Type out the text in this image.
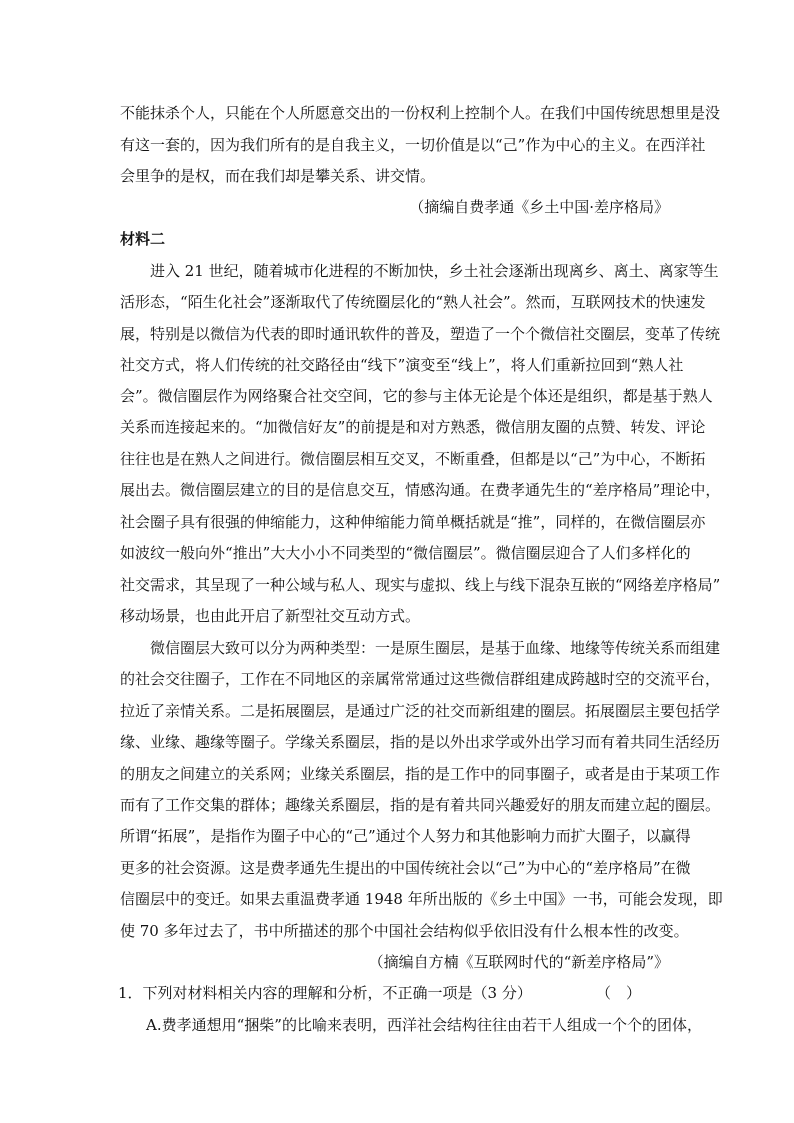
不能抹杀个人，只能在个人所愿意交出的一份权利上控制个人。在我们中国传统思想里是没
有这一套的，因为我们所有的是自我主义，一切价值是以“己”作为中心的主义。在西洋社
会里争的是权，而在我们却是攀关系、讲交情。
（摘编自费孝通《乡土中国·差序格局》
材料二
进入 21 世纪，随着城市化进程的不断加快，乡土社会逐渐出现离乡、离土、离家等生
活形态，“陌生化社会”逐渐取代了传统圈层化的“熟人社会”。然而，互联网技术的快速发
展，特别是以微信为代表的即时通讯软件的普及，塑造了一个个微信社交圈层，变革了传统
社交方式，将人们传统的社交路径由“线下”演变至“线上”，将人们重新拉回到“熟人社
会”。微信圈层作为网络聚合社交空间，它的参与主体无论是个体还是组织，都是基于熟人
关系而连接起来的。“加微信好友”的前提是和对方熟悉，微信朋友圈的点赞、转发、评论
往往也是在熟人之间进行。微信圈层相互交叉，不断重叠，但都是以“己”为中心，不断拓
展出去。微信圈层建立的目的是信息交互，情感沟通。在费孝通先生的“差序格局”理论中，
社会圈子具有很强的伸缩能力，这种伸缩能力简单概括就是“推”，同样的，在微信圈层亦
如波纹一般向外“推出”大大小小不同类型的“微信圈层”。微信圈层迎合了人们多样化的
社交需求，其呈现了一种公域与私人、现实与虚拟、线上与线下混杂互嵌的“网络差序格局”
移动场景，也由此开启了新型社交互动方式。
微信圈层大致可以分为两种类型：一是原生圈层，是基于血缘、地缘等传统关系而组建
的社会交往圈子，工作在不同地区的亲属常常通过这些微信群组建成跨越时空的交流平台，
拉近了亲情关系。二是拓展圈层，是通过广泛的社交而新组建的圈层。拓展圈层主要包括学
缘、业缘、趣缘等圈子。学缘关系圈层，指的是以外出求学或外出学习而有着共同生活经历
的朋友之间建立的关系网；业缘关系圈层，指的是工作中的同事圈子，或者是由于某项工作
而有了工作交集的群体；趣缘关系圈层，指的是有着共同兴趣爱好的朋友而建立起的圈层。
所谓“拓展”，是指作为圈子中心的“己”通过个人努力和其他影响力而扩大圈子，以赢得
更多的社会资源。这是费孝通先生提出的中国传统社会以“己”为中心的“差序格局”在微
信圈层中的变迁。如果去重温费孝通 1948 年所出版的《乡土中国》一书，可能会发现，即
使 70 多年过去了，书中所描述的那个中国社会结构似乎依旧没有什么根本性的改变。
（摘编自方楠《互联网时代的“新差序格局”》
1．下列对材料相关内容的理解和分析，不正确一项是（3 分）	（　）
A.费孝通想用“捆柴”的比喻来表明，西洋社会结构往往由若干人组成一个个的团体，
